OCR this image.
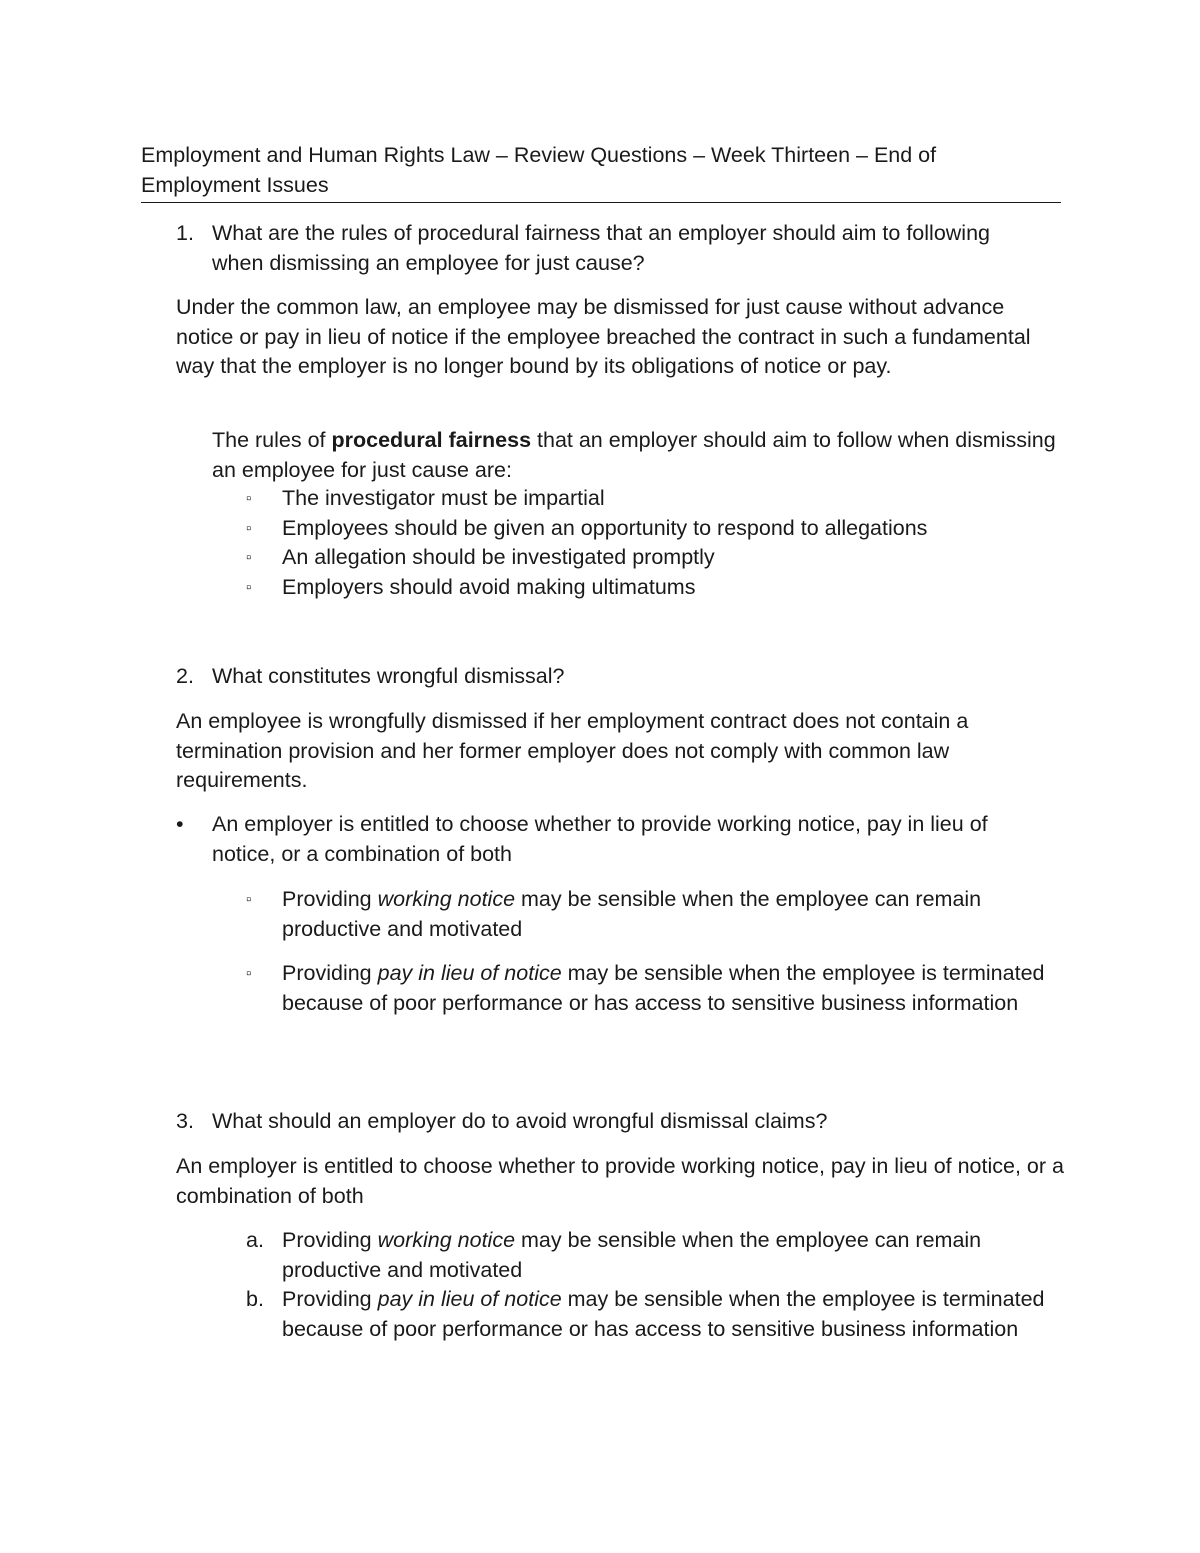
Employment and Human Rights Law – Review Questions – Week Thirteen – End of Employment Issues
1. What are the rules of procedural fairness that an employer should aim to following when dismissing an employee for just cause?
Under the common law, an employee may be dismissed for just cause without advance notice or pay in lieu of notice if the employee breached the contract in such a fundamental way that the employer is no longer bound by its obligations of notice or pay.
The rules of procedural fairness that an employer should aim to follow when dismissing an employee for just cause are:
▫ The investigator must be impartial
▫ Employees should be given an opportunity to respond to allegations
▫ An allegation should be investigated promptly
▫ Employers should avoid making ultimatums
2. What constitutes wrongful dismissal?
An employee is wrongfully dismissed if her employment contract does not contain a termination provision and her former employer does not comply with common law requirements.
• An employer is entitled to choose whether to provide working notice, pay in lieu of notice, or a combination of both
▫ Providing working notice may be sensible when the employee can remain productive and motivated
▫ Providing pay in lieu of notice may be sensible when the employee is terminated because of poor performance or has access to sensitive business information
3. What should an employer do to avoid wrongful dismissal claims?
An employer is entitled to choose whether to provide working notice, pay in lieu of notice, or a combination of both
a. Providing working notice may be sensible when the employee can remain productive and motivated
b. Providing pay in lieu of notice may be sensible when the employee is terminated because of poor performance or has access to sensitive business information
